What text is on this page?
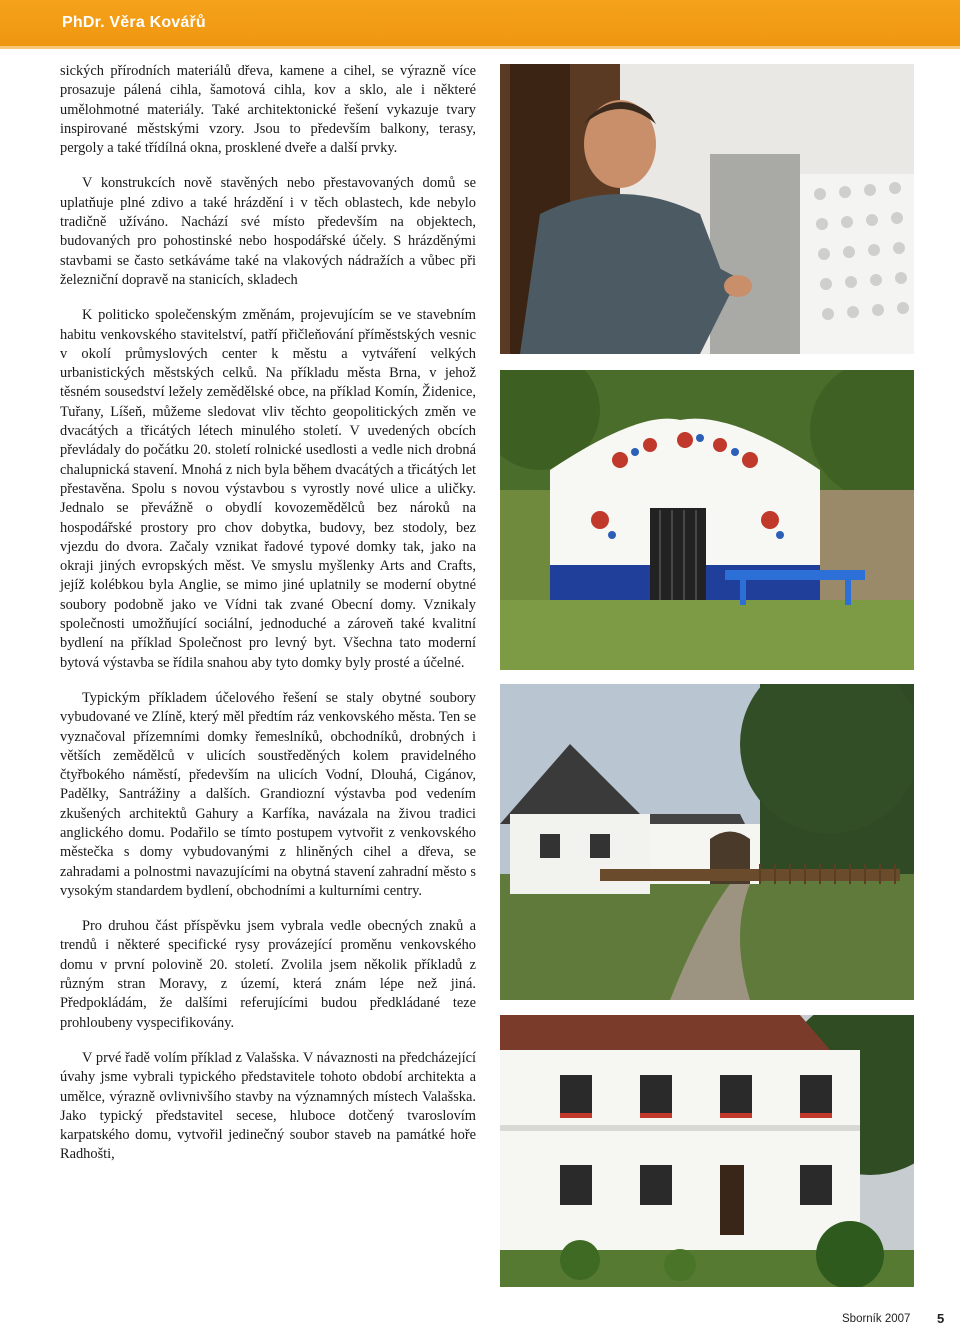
PhDr. Věra Kovářů

sických přírodních materiálů dřeva, kamene a cihel, se výrazně více prosazuje pálená cihla, šamotová cihla, kov a sklo, ale i některé umělohmotné materiály. Také architektonické řešení vykazuje tvary inspirované městskými vzory. Jsou to především balkony, terasy, pergoly a také třídílná okna, prosklené dveře a další prvky.

V konstrukcích nově stavěných nebo přestavovaných domů se uplatňuje plné zdivo a také hrázdění i v těch oblastech, kde nebylo tradičně užíváno. Nachází své místo především na objektech, budovaných pro pohostinské nebo hospodářské účely. S hrázděnými stavbami se často setkáváme také na vlakových nádražích a vůbec při železniční dopravě na stanicích, skladech

K politicko společenským změnám, projevujícím se ve stavebním habitu venkovského stavitelství, patří přičleňování příměstských vesnic v okolí průmyslových center k městu a vytváření velkých urbanistických městských celků. Na příkladu města Brna, v jehož těsném sousedství ležely zemědělské obce, na příklad Komín, Židenice, Tuřany, Líšeň, můžeme sledovat vliv těchto geopolitických změn ve dvacátých a třicátých létech minulého století. V uvedených obcích převládaly do počátku 20. století rolnické usedlosti a vedle nich drobná chalupnická stavení. Mnohá z nich byla během dvacátých a třicátých let přestavěna. Spolu s novou výstavbou s vyrostly nové ulice a uličky. Jednalo se převážně o obydlí kovozemědělců bez nároků na hospodářské prostory pro chov dobytka, budovy, bez stodoly, bez vjezdu do dvora. Začaly vznikat řadové typové domky tak, jako na okraji jiných evropských měst. Ve smyslu myšlenky Arts and Crafts, jejíž kolébkou byla Anglie, se mimo jiné uplatnily se moderní obytné soubory podobně jako ve Vídni tak zvané Obecní domy. Vznikaly společnosti umožňující sociální, jednoduché a zároveň také kvalitní bydlení na příklad Společnost pro levný byt. Všechna tato moderní bytová výstavba se řídila snahou aby tyto domky byly prosté a účelné.

Typickým příkladem účelového řešení se staly obytné soubory vybudované ve Zlíně, který měl předtím ráz venkovského města. Ten se vyznačoval přízemními domky řemeslníků, obchodníků, drobných i větších zemědělců v ulicích soustředěných kolem pravidelného čtyřbokého náměstí, především na ulicích Vodní, Dlouhá, Cigánov, Padělky, Santrážiny a dalších. Grandiozní výstavba pod vedením zkušených architektů Gahury a Karfíka, navázala na živou tradici anglického domu. Podařilo se tímto postupem vytvořit z venkovského městečka s domy vybudovanými z hliněných cihel a dřeva, se zahradami a polnostmi navazujícími na obytná stavení zahradní město s vysokým standardem bydlení, obchodními a kulturními centry.

Pro druhou část příspěvku jsem vybrala vedle obecných znaků a trendů i některé specifické rysy provázející proměnu venkovského domu v první polovině 20. století. Zvolila jsem několik příkladů z různým stran Moravy, z území, která znám lépe než jiná. Předpokládám, že dalšími referujícími budou předkládané teze prohloubeny vyspecifikovány.

V prvé řadě volím příklad z Valašska. V návaznosti na předcházející úvahy jsme vybrali typického představitele tohoto období architekta a umělce, výrazně ovlivnivšího stavby na významných místech Valašska. Jako typický představitel secese, hluboce dotčený tvaroslovím karpatského domu, vytvořil jedinečný soubor staveb na památké hoře Radhošti,

Sborník 2007 5
